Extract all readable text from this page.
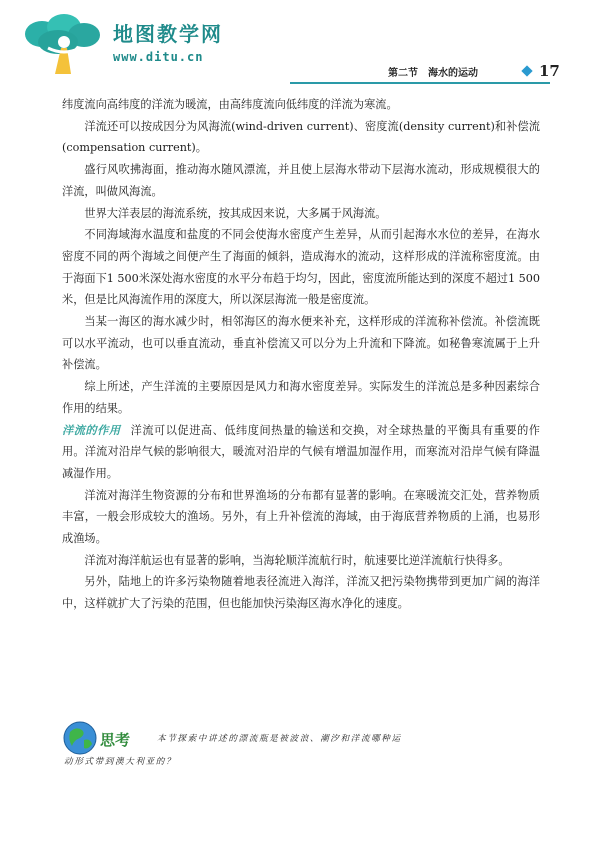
地图教学网
www.ditu.cn
第二节　海水的运动	17

纬度流向高纬度的洋流为暖流，由高纬度流向低纬度的洋流为寒流。

洋流还可以按成因分为风海流(wind-driven current)、密度流(density current)和补偿流(compensation current)。

盛行风吹拂海面，推动海水随风漂流，并且使上层海水带动下层海水流动，形成规模很大的洋流，叫做风海流。

世界大洋表层的海流系统，按其成因来说，大多属于风海流。

不同海域海水温度和盐度的不同会使海水密度产生差异，从而引起海水水位的差异，在海水密度不同的两个海域之间便产生了海面的倾斜，造成海水的流动，这样形成的洋流称密度流。由于海面下1 500米深处海水密度的水平分布趋于均匀，因此，密度流所能达到的深度不超过1 500米，但是比风海流作用的深度大，所以深层海流一般是密度流。

当某一海区的海水减少时，相邻海区的海水便来补充，这样形成的洋流称补偿流。补偿流既可以水平流动，也可以垂直流动，垂直补偿流又可以分为上升流和下降流。如秘鲁寒流属于上升补偿流。

综上所述，产生洋流的主要原因是风力和海水密度差异。实际发生的洋流总是多种因素综合作用的结果。

洋流的作用 洋流可以促进高、低纬度间热量的输送和交换，对全球热量的平衡具有重要的作用。洋流对沿岸气候的影响很大，暖流对沿岸的气候有增温加湿作用，而寒流对沿岸气候有降温减湿作用。

洋流对海洋生物资源的分布和世界渔场的分布都有显著的影响。在寒暖流交汇处，营养物质丰富，一般会形成较大的渔场。另外，有上升补偿流的海域，由于海底营养物质的上涌，也易形成渔场。

洋流对海洋航运也有显著的影响，当海轮顺洋流航行时，航速要比逆洋流航行快得多。

另外，陆地上的许多污染物随着地表径流进入海洋，洋流又把污染物携带到更加广阔的海洋中，这样就扩大了污染的范围，但也能加快污染海区海水净化的速度。

思考	本节探索中讲述的漂流瓶是被波浪、潮汐和洋流哪种运
动形式带到澳大利亚的？
